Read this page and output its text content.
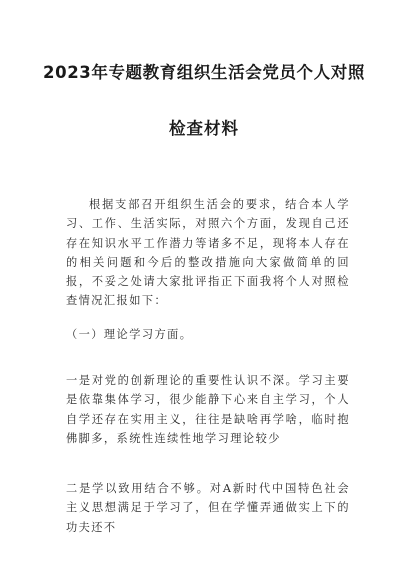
2023年专题教育组织生活会党员个人对照
检查材料

根据支部召开组织生活会的要求，结合本人学习、工作、生活实际，对照六个方面，发现自己还存在知识水平工作潜力等诸多不足，现将本人存在的相关问题和今后的整改措施向大家做简单的回报，不妥之处请大家批评指正下面我将个人对照检查情况汇报如下：

（一）理论学习方面。

一是对党的创新理论的重要性认识不深。学习主要是依靠集体学习，很少能静下心来自主学习，个人自学还存在实用主义，往往是缺啥再学啥，临时抱佛脚多，系统性连续性地学习理论较少

二是学以致用结合不够。对A新时代中国特色社会主义思想满足于学习了，但在学懂弄通做实上下的功夫还不
